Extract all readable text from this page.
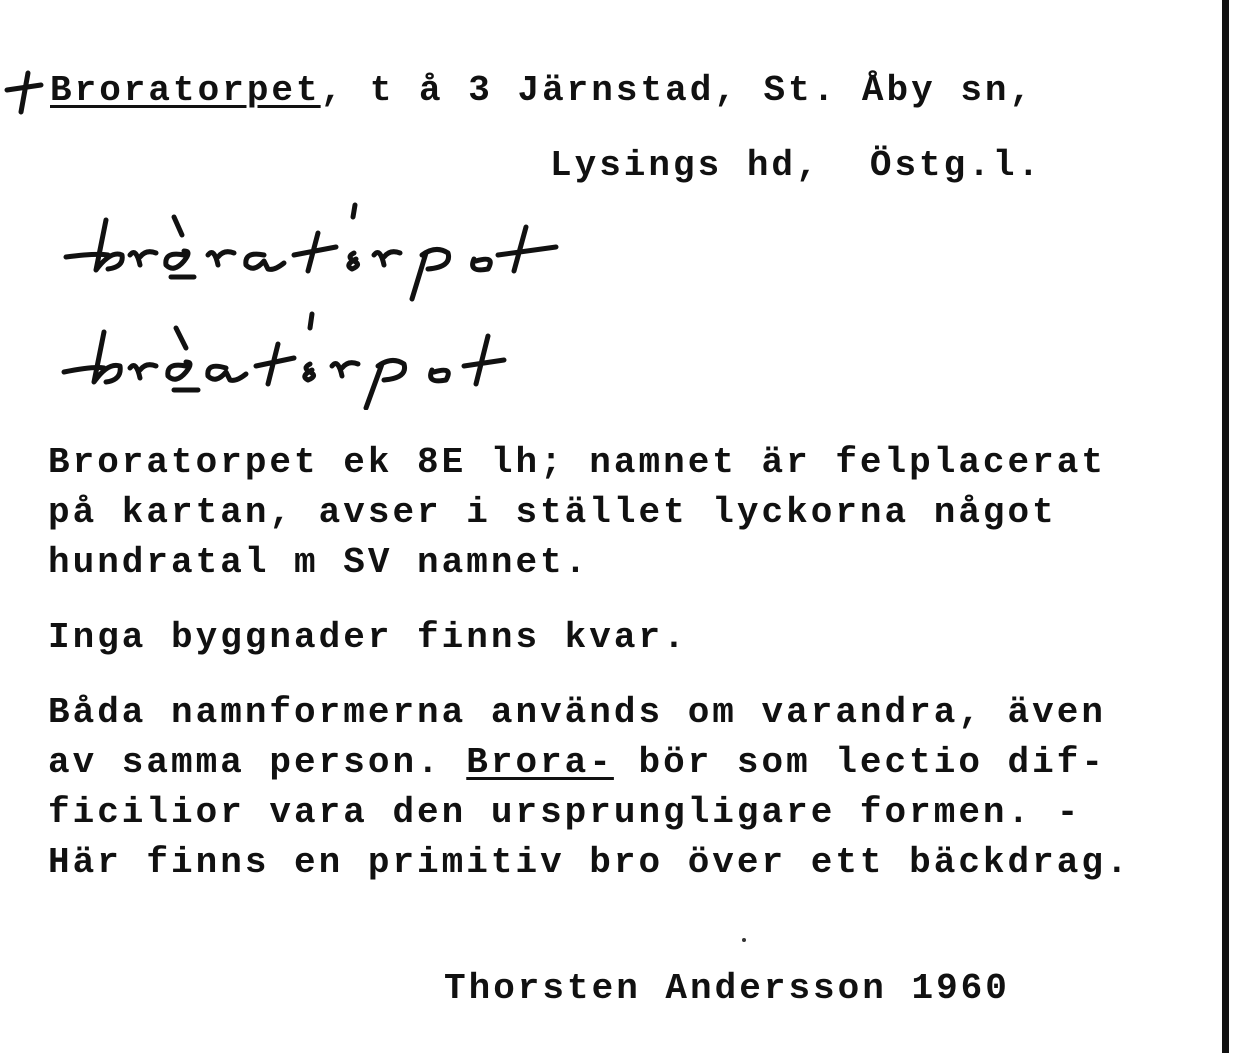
Broratorpet, t å 3 Järnstad, St. Åby sn,
Lysings hd,  Östg.l.
Broratorpet ek 8E lh; namnet är felplacerat
på kartan, avser i stället lyckorna något
hundratal m SV namnet.
Inga byggnader finns kvar.
Båda namnformerna används om varandra, även
av samma person. Brora- bör som lectio dif-
ficilior vara den ursprungligare formen. -
Här finns en primitiv bro över ett bäckdrag.
Thorsten Andersson 1960
